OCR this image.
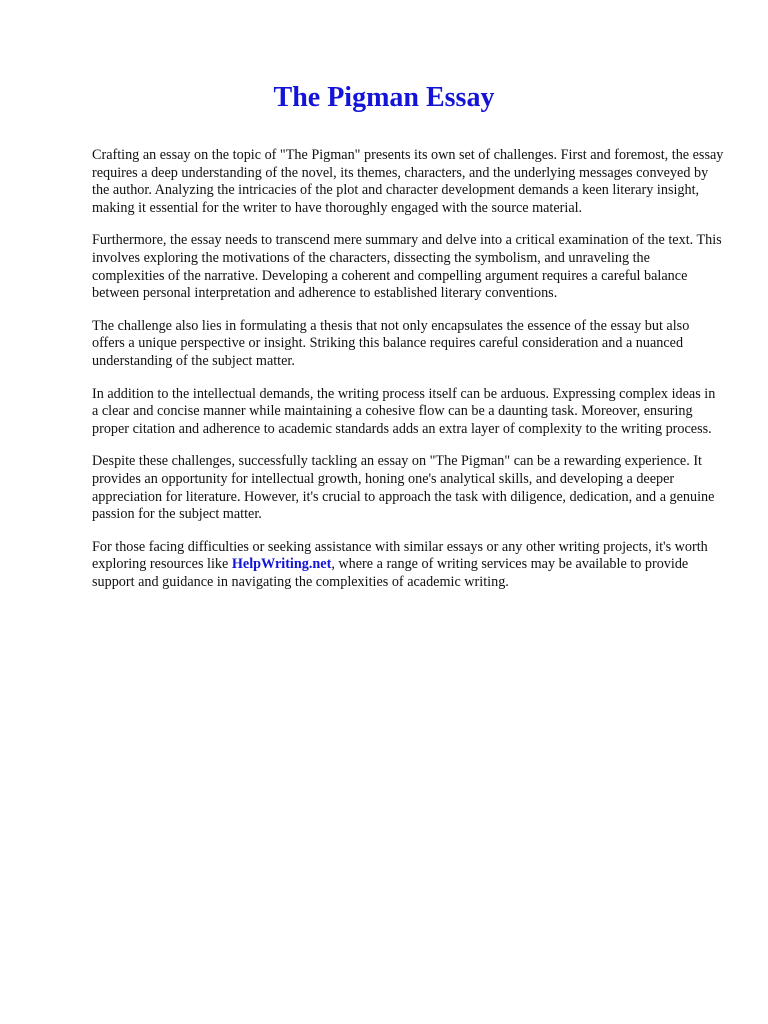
The Pigman Essay

Crafting an essay on the topic of "The Pigman" presents its own set of challenges. First and foremost, the essay requires a deep understanding of the novel, its themes, characters, and the underlying messages conveyed by the author. Analyzing the intricacies of the plot and character development demands a keen literary insight, making it essential for the writer to have thoroughly engaged with the source material.

Furthermore, the essay needs to transcend mere summary and delve into a critical examination of the text. This involves exploring the motivations of the characters, dissecting the symbolism, and unraveling the complexities of the narrative. Developing a coherent and compelling argument requires a careful balance between personal interpretation and adherence to established literary conventions.

The challenge also lies in formulating a thesis that not only encapsulates the essence of the essay but also offers a unique perspective or insight. Striking this balance requires careful consideration and a nuanced understanding of the subject matter.

In addition to the intellectual demands, the writing process itself can be arduous. Expressing complex ideas in a clear and concise manner while maintaining a cohesive flow can be a daunting task. Moreover, ensuring proper citation and adherence to academic standards adds an extra layer of complexity to the writing process.

Despite these challenges, successfully tackling an essay on "The Pigman" can be a rewarding experience. It provides an opportunity for intellectual growth, honing one's analytical skills, and developing a deeper appreciation for literature. However, it's crucial to approach the task with diligence, dedication, and a genuine passion for the subject matter.

For those facing difficulties or seeking assistance with similar essays or any other writing projects, it's worth exploring resources like HelpWriting.net, where a range of writing services may be available to provide support and guidance in navigating the complexities of academic writing.
